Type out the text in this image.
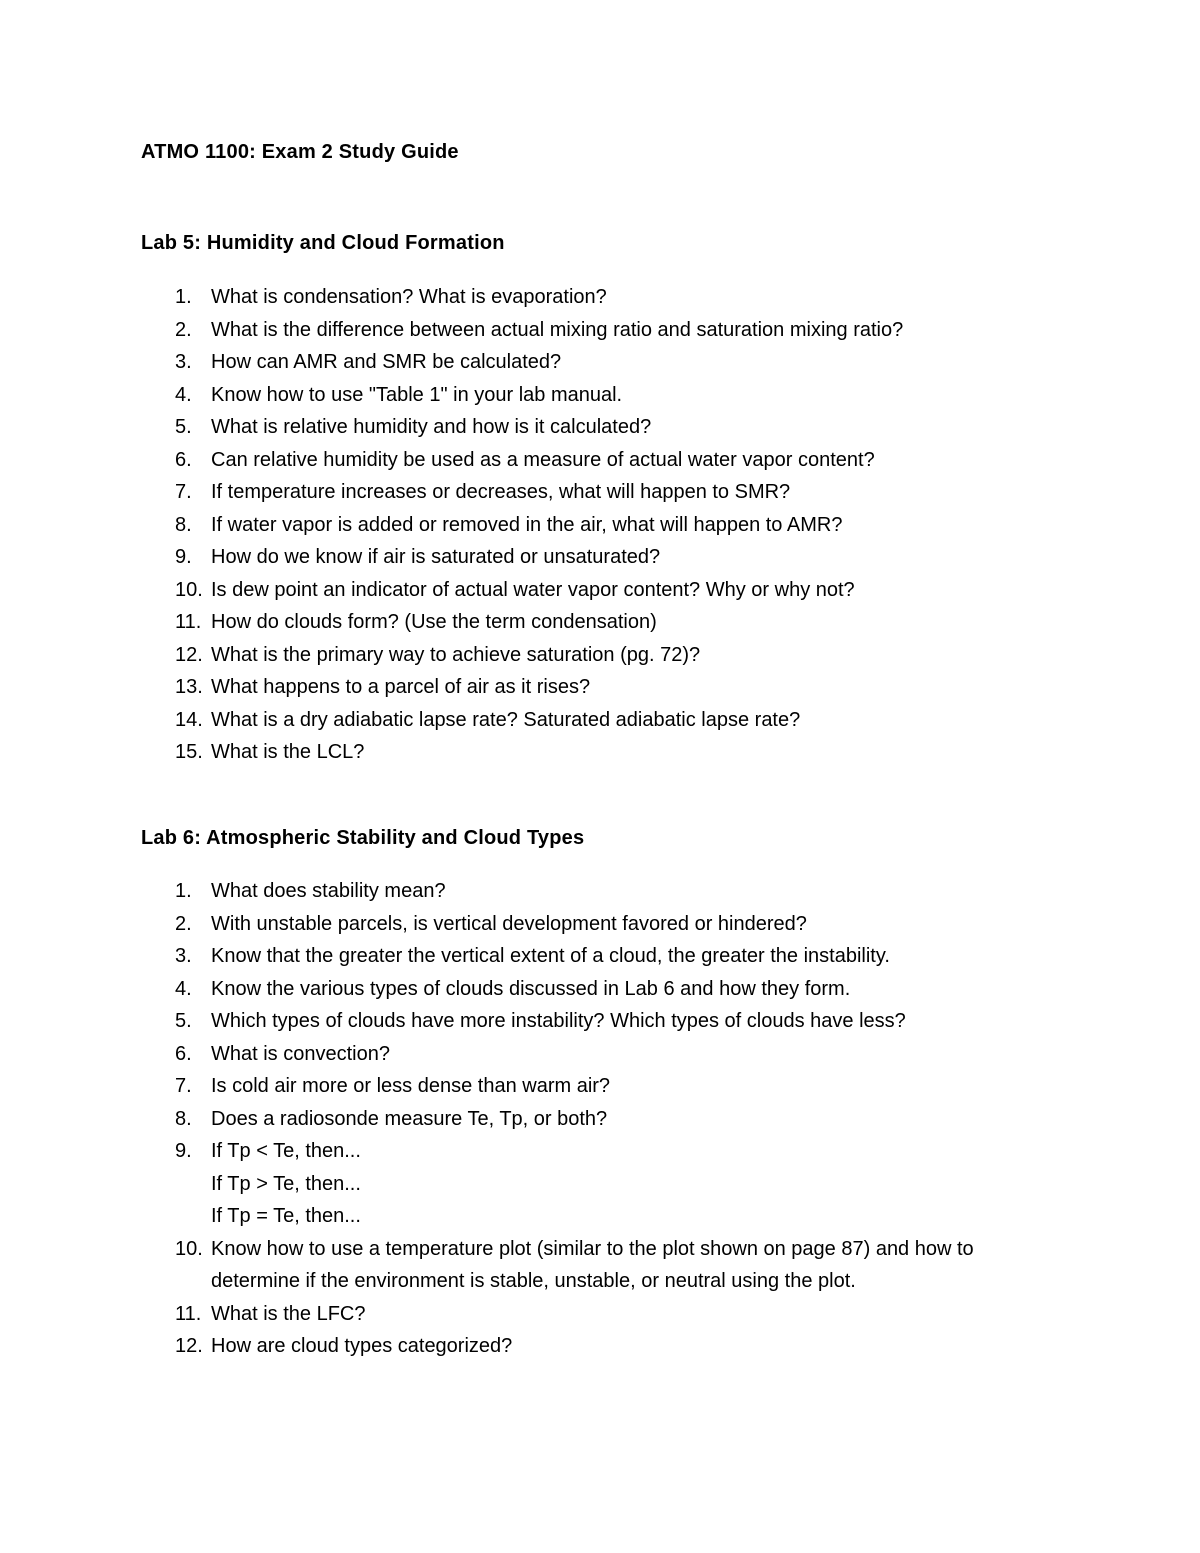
ATMO 1100: Exam 2 Study Guide
Lab 5: Humidity and Cloud Formation
1. What is condensation? What is evaporation?
2. What is the difference between actual mixing ratio and saturation mixing ratio?
3. How can AMR and SMR be calculated?
4. Know how to use "Table 1" in your lab manual.
5. What is relative humidity and how is it calculated?
6. Can relative humidity be used as a measure of actual water vapor content?
7. If temperature increases or decreases, what will happen to SMR?
8. If water vapor is added or removed in the air, what will happen to AMR?
9. How do we know if air is saturated or unsaturated?
10. Is dew point an indicator of actual water vapor content? Why or why not?
11. How do clouds form? (Use the term condensation)
12. What is the primary way to achieve saturation (pg. 72)?
13. What happens to a parcel of air as it rises?
14. What is a dry adiabatic lapse rate? Saturated adiabatic lapse rate?
15. What is the LCL?
Lab 6: Atmospheric Stability and Cloud Types
1. What does stability mean?
2. With unstable parcels, is vertical development favored or hindered?
3. Know that the greater the vertical extent of a cloud, the greater the instability.
4. Know the various types of clouds discussed in Lab 6 and how they form.
5. Which types of clouds have more instability? Which types of clouds have less?
6. What is convection?
7. Is cold air more or less dense than warm air?
8. Does a radiosonde measure Te, Tp, or both?
9. If Tp < Te, then...
If Tp > Te, then...
If Tp = Te, then...
10. Know how to use a temperature plot (similar to the plot shown on page 87) and how to
determine if the environment is stable, unstable, or neutral using the plot.
11. What is the LFC?
12. How are cloud types categorized?
